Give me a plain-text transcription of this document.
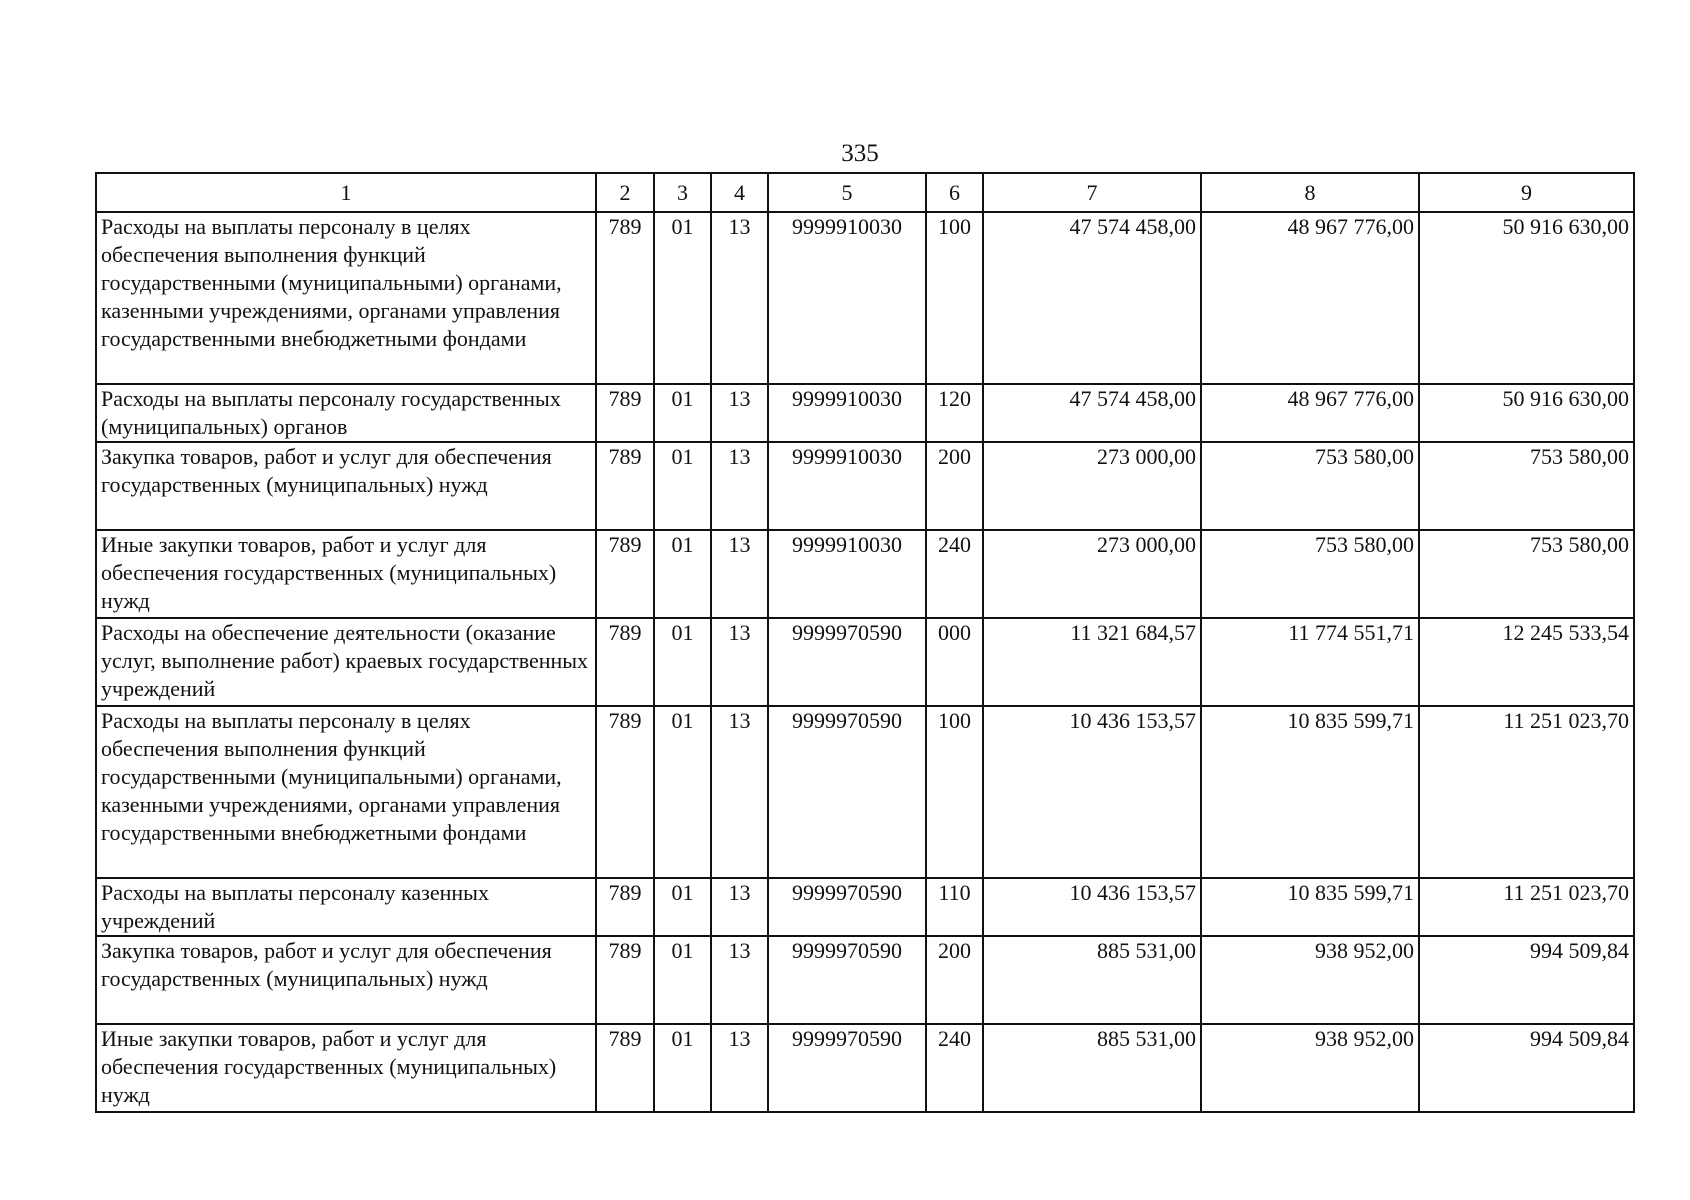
335
1	2	3	4	5	6	7	8	9
Расходы на выплаты персоналу в целях обеспечения выполнения функций государственными (муниципальными) органами, казенными учреждениями, органами управления государственными внебюджетными фондами	789	01	13	9999910030	100	47 574 458,00	48 967 776,00	50 916 630,00
Расходы на выплаты персоналу государственных (муниципальных) органов	789	01	13	9999910030	120	47 574 458,00	48 967 776,00	50 916 630,00
Закупка товаров, работ и услуг для обеспечения государственных (муниципальных) нужд	789	01	13	9999910030	200	273 000,00	753 580,00	753 580,00
Иные закупки товаров, работ и услуг для обеспечения государственных (муниципальных) нужд	789	01	13	9999910030	240	273 000,00	753 580,00	753 580,00
Расходы на обеспечение деятельности (оказание услуг, выполнение работ) краевых государственных учреждений	789	01	13	9999970590	000	11 321 684,57	11 774 551,71	12 245 533,54
Расходы на выплаты персоналу в целях обеспечения выполнения функций государственными (муниципальными) органами, казенными учреждениями, органами управления государственными внебюджетными фондами	789	01	13	9999970590	100	10 436 153,57	10 835 599,71	11 251 023,70
Расходы на выплаты персоналу казенных учреждений	789	01	13	9999970590	110	10 436 153,57	10 835 599,71	11 251 023,70
Закупка товаров, работ и услуг для обеспечения государственных (муниципальных) нужд	789	01	13	9999970590	200	885 531,00	938 952,00	994 509,84
Иные закупки товаров, работ и услуг для обеспечения государственных (муниципальных) нужд	789	01	13	9999970590	240	885 531,00	938 952,00	994 509,84
